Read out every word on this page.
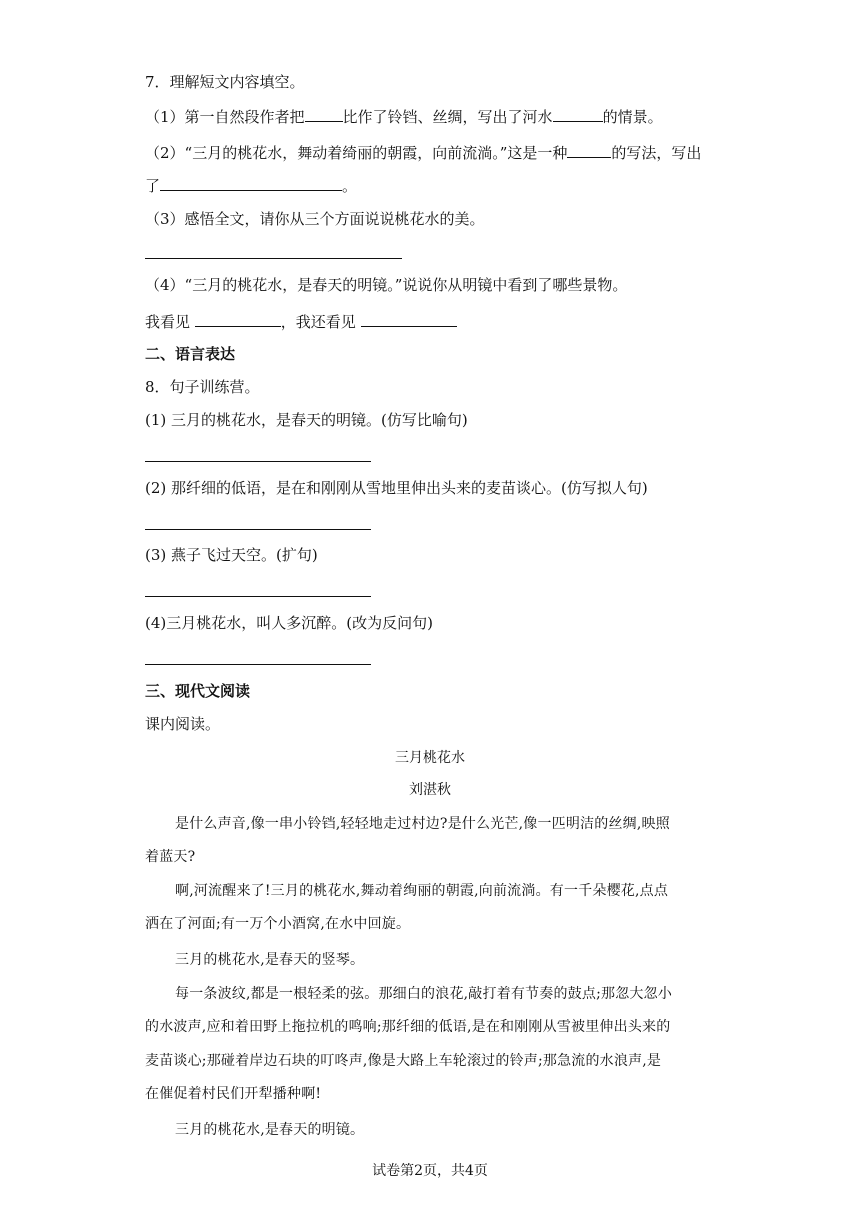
7．理解短文内容填空。
（1）第一自然段作者把	比作了铃铛、丝绸，写出了河水	的情景。
（2）“三月的桃花水，舞动着绮丽的朝霞，向前流淌。”这是一种	的写法，写出
了	。
（3）感悟全文，请你从三个方面说说桃花水的美。
（4）“三月的桃花水，是春天的明镜。”说说你从明镜中看到了哪些景物。
我看见	，我还看见
二、语言表达
8．句子训练营。
(1) 三月的桃花水，是春天的明镜。(仿写比喻句)
(2) 那纤细的低语，是在和刚刚从雪地里伸出头来的麦苗谈心。(仿写拟人句)
(3) 燕子飞过天空。(扩句)
(4)三月桃花水，叫人多沉醉。(改为反问句)
三、现代文阅读
课内阅读。
三月桃花水
刘湛秋
是什么声音,像一串小铃铛,轻轻地走过村边?是什么光芒,像一匹明洁的丝绸,映照
着蓝天?
啊,河流醒来了!三月的桃花水,舞动着绚丽的朝霞,向前流淌。有一千朵樱花,点点
洒在了河面;有一万个小酒窝,在水中回旋。
三月的桃花水,是春天的竖琴。
每一条波纹,都是一根轻柔的弦。那细白的浪花,敲打着有节奏的鼓点;那忽大忽小
的水波声,应和着田野上拖拉机的鸣响;那纤细的低语,是在和刚刚从雪被里伸出头来的
麦苗谈心;那碰着岸边石块的叮咚声,像是大路上车轮滚过的铃声;那急流的水浪声,是
在催促着村民们开犁播种啊!
三月的桃花水,是春天的明镜。
试卷第2页，共4页
